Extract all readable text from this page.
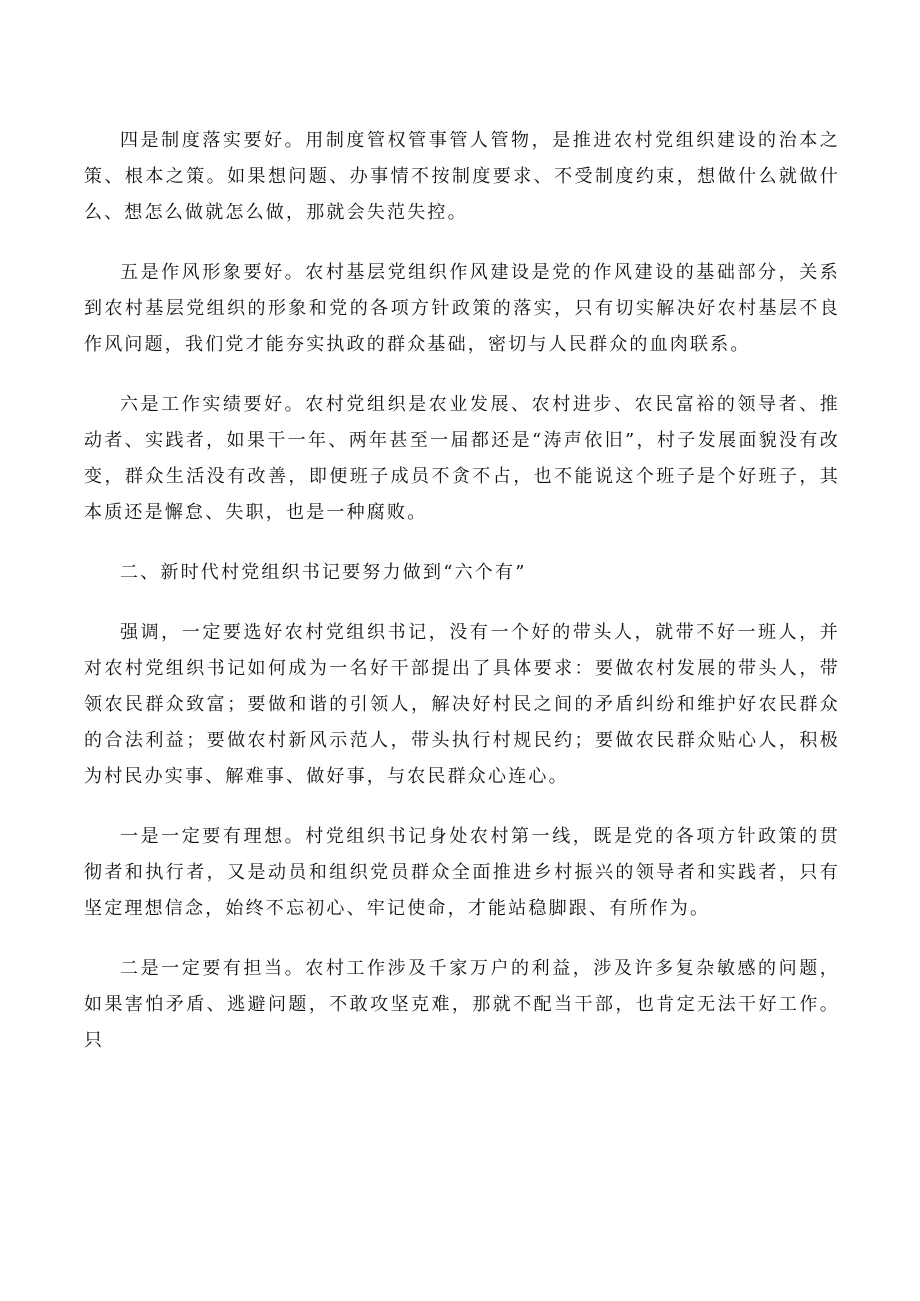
四是制度落实要好。用制度管权管事管人管物，是推进农村党组织建设的治本之策、根本之策。如果想问题、办事情不按制度要求、不受制度约束，想做什么就做什么、想怎么做就怎么做，那就会失范失控。

五是作风形象要好。农村基层党组织作风建设是党的作风建设的基础部分，关系到农村基层党组织的形象和党的各项方针政策的落实，只有切实解决好农村基层不良作风问题，我们党才能夯实执政的群众基础，密切与人民群众的血肉联系。

六是工作实绩要好。农村党组织是农业发展、农村进步、农民富裕的领导者、推动者、实践者，如果干一年、两年甚至一届都还是“涛声依旧”，村子发展面貌没有改变，群众生活没有改善，即便班子成员不贪不占，也不能说这个班子是个好班子，其本质还是懈怠、失职，也是一种腐败。

二、新时代村党组织书记要努力做到“六个有”

强调，一定要选好农村党组织书记，没有一个好的带头人，就带不好一班人，并对农村党组织书记如何成为一名好干部提出了具体要求：要做农村发展的带头人，带领农民群众致富；要做和谐的引领人，解决好村民之间的矛盾纠纷和维护好农民群众的合法利益；要做农村新风示范人，带头执行村规民约；要做农民群众贴心人，积极为村民办实事、解难事、做好事，与农民群众心连心。

一是一定要有理想。村党组织书记身处农村第一线，既是党的各项方针政策的贯彻者和执行者，又是动员和组织党员群众全面推进乡村振兴的领导者和实践者，只有坚定理想信念，始终不忘初心、牢记使命，才能站稳脚跟、有所作为。

二是一定要有担当。农村工作涉及千家万户的利益，涉及许多复杂敏感的问题，如果害怕矛盾、逃避问题，不敢攻坚克难，那就不配当干部，也肯定无法干好工作。只
